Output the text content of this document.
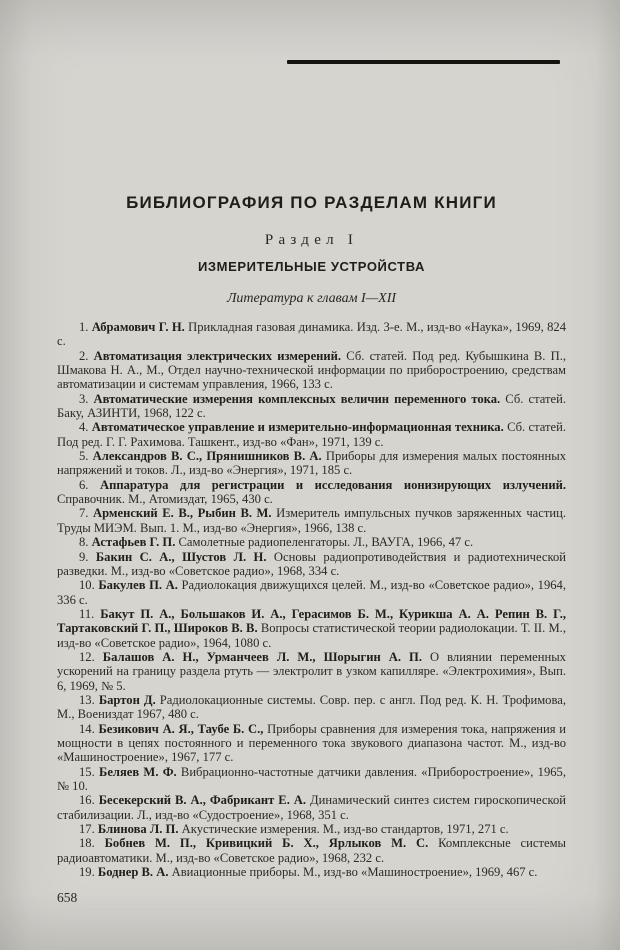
БИБЛИОГРАФИЯ ПО РАЗДЕЛАМ КНИГИ
Раздел I
ИЗМЕРИТЕЛЬНЫЕ УСТРОЙСТВА
Литература к главам I—XII

1. Абрамович Г. Н. Прикладная газовая динамика. Изд. 3-е. М., изд-во «Наука», 1969, 824 с.

2. Автоматизация электрических измерений. Сб. статей. Под ред. Кубышкина В. П., Шмакова Н. А., М., Отдел научно-технической информации по приборостроению, средствам автоматизации и системам управления, 1966, 133 с.

3. Автоматические измерения комплексных величин переменного тока. Сб. статей. Баку, АЗИНТИ, 1968, 122 с.

4. Автоматическое управление и измерительно-информационная техника. Сб. статей. Под ред. Г. Г. Рахимова. Ташкент., изд-во «Фан», 1971, 139 с.

5. Александров В. С., Прянишников В. А. Приборы для измерения малых постоянных напряжений и токов. Л., изд-во «Энергия», 1971, 185 с.

6. Аппаратура для регистрации и исследования ионизирующих излучений. Справочник. М., Атомиздат, 1965, 430 с.

7. Арменский Е. В., Рыбин В. М. Измеритель импульсных пучков заряженных частиц. Труды МИЭМ. Вып. 1. М., изд-во «Энергия», 1966, 138 с.

8. Астафьев Г. П. Самолетные радиопеленгаторы. Л., ВАУГА, 1966, 47 с.

9. Бакин С. А., Шустов Л. Н. Основы радиопротиводействия и радиотехнической разведки. М., изд-во «Советское радио», 1968, 334 с.

10. Бакулев П. А. Радиолокация движущихся целей. М., изд-во «Советское радио», 1964, 336 с.

11. Бакут П. А., Большаков И. А., Герасимов Б. М., Курикша А. А. Репин В. Г., Тартаковский Г. П., Широков В. В. Вопросы статистической теории радиолокации. Т. II. М., изд-во «Советское радио», 1964, 1080 с.

12. Балашов А. Н., Урманчеев Л. М., Шорыгин А. П. О влиянии переменных ускорений на границу раздела ртуть — электролит в узком капилляре. «Электрохимия», Вып. 6, 1969, № 5.

13. Бартон Д. Радиолокационные системы. Совр. пер. с англ. Под ред. К. Н. Трофимова, М., Воениздат 1967, 480 с.

14. Безикович А. Я., Таубе Б. С., Приборы сравнения для измерения тока, напряжения и мощности в цепях постоянного и переменного тока звукового диапазона частот. М., изд-во «Машиностроение», 1967, 177 с.

15. Беляев М. Ф. Вибрационно-частотные датчики давления. «Приборостроение», 1965, № 10.

16. Бесекерский В. А., Фабрикант Е. А. Динамический синтез систем гироскопической стабилизации. Л., изд-во «Судостроение», 1968, 351 с.

17. Блинова Л. П. Акустические измерения. М., изд-во стандартов, 1971, 271 с.

18. Бобнев М. П., Кривицкий Б. Х., Ярлыков М. С. Комплексные системы радиоавтоматики. М., изд-во «Советское радио», 1968, 232 с.

19. Боднер В. А. Авиационные приборы. М., изд-во «Машиностроение», 1969, 467 с.

658
